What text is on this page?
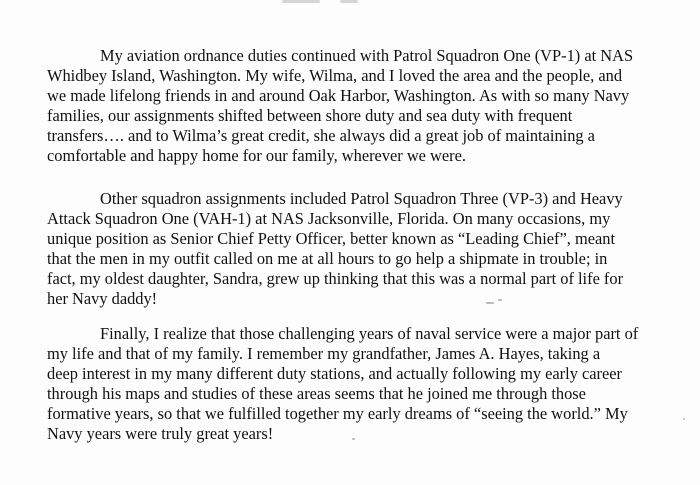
My aviation ordnance duties continued with Patrol Squadron One (VP-1) at NAS
Whidbey Island, Washington. My wife, Wilma, and I loved the area and the people, and
we made lifelong friends in and around Oak Harbor, Washington. As with so many Navy
families, our assignments shifted between shore duty and sea duty with frequent
transfers…. and to Wilma’s great credit, she always did a great job of maintaining a
comfortable and happy home for our family, wherever we were.

Other squadron assignments included Patrol Squadron Three (VP-3) and Heavy
Attack Squadron One (VAH-1) at NAS Jacksonville, Florida. On many occasions, my
unique position as Senior Chief Petty Officer, better known as “Leading Chief”, meant
that the men in my outfit called on me at all hours to go help a shipmate in trouble; in
fact, my oldest daughter, Sandra, grew up thinking that this was a normal part of life for
her Navy daddy!

Finally, I realize that those challenging years of naval service were a major part of
my life and that of my family. I remember my grandfather, James A. Hayes, taking a
deep interest in my many different duty stations, and actually following my early career
through his maps and studies of these areas seems that he joined me through those
formative years, so that we fulfilled together my early dreams of “seeing the world.” My
Navy years were truly great years!
